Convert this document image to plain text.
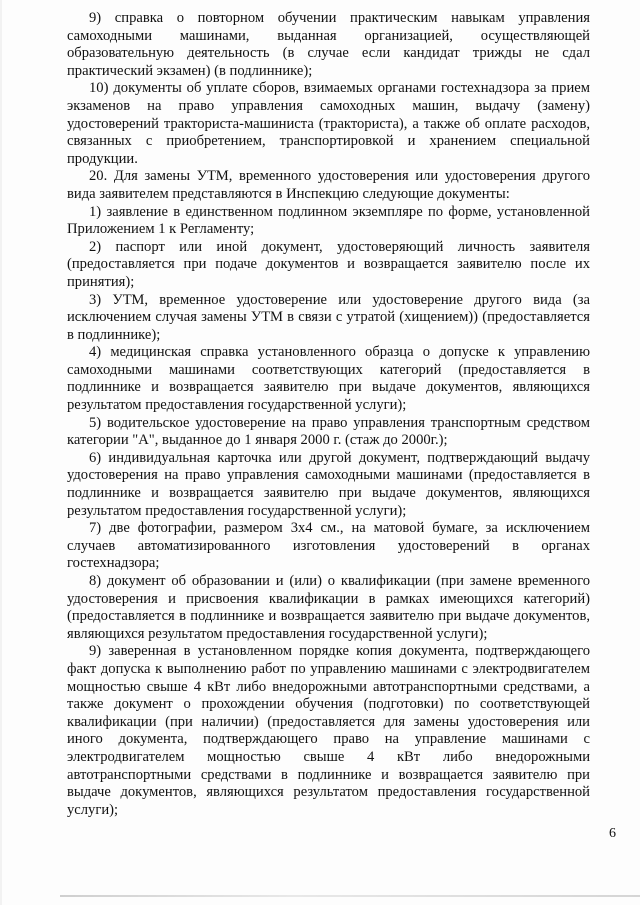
9) справка о повторном обучении практическим навыкам управления самоходными машинами, выданная организацией, осуществляющей образовательную деятельность (в случае если кандидат трижды не сдал практический экзамен) (в подлиннике);

10) документы об уплате сборов, взимаемых органами гостехнадзора за прием экзаменов на право управления самоходных машин, выдачу (замену) удостоверений тракториста-машиниста (тракториста), а также об оплате расходов, связанных с приобретением, транспортировкой и хранением специальной продукции.

20. Для замены УТМ, временного удостоверения или удостоверения другого вида заявителем представляются в Инспекцию следующие документы:

1) заявление в единственном подлинном экземпляре по форме, установленной Приложением 1 к Регламенту;

2) паспорт или иной документ, удостоверяющий личность заявителя (предоставляется при подаче документов и возвращается заявителю после их принятия);

3) УТМ, временное удостоверение или удостоверение другого вида (за исключением случая замены УТМ в связи с утратой (хищением)) (предоставляется в подлиннике);

4) медицинская справка установленного образца о допуске к управлению самоходными машинами соответствующих категорий (предоставляется в подлиннике и возвращается заявителю при выдаче документов, являющихся результатом предоставления государственной услуги);

5) водительское удостоверение на право управления транспортным средством категории "А", выданное до 1 января 2000 г. (стаж до 2000г.);

6) индивидуальная карточка или другой документ, подтверждающий выдачу удостоверения на право управления самоходными машинами (предоставляется в подлиннике и возвращается заявителю при выдаче документов, являющихся результатом предоставления государственной услуги);

7) две фотографии, размером 3x4 см., на матовой бумаге, за исключением случаев автоматизированного изготовления удостоверений в органах гостехнадзора;

8) документ об образовании и (или) о квалификации (при замене временного удостоверения и присвоения квалификации в рамках имеющихся категорий) (предоставляется в подлиннике и возвращается заявителю при выдаче документов, являющихся результатом предоставления государственной услуги);

9) заверенная в установленном порядке копия документа, подтверждающего факт допуска к выполнению работ по управлению машинами с электродвигателем мощностью свыше 4 кВт либо внедорожными автотранспортными средствами, а также документ о прохождении обучения (подготовки) по соответствующей квалификации (при наличии) (предоставляется для замены удостоверения или иного документа, подтверждающего право на управление машинами с электродвигателем мощностью свыше 4 кВт либо внедорожными автотранспортными средствами в подлиннике и возвращается заявителю при выдаче документов, являющихся результатом предоставления государственной услуги);

6
